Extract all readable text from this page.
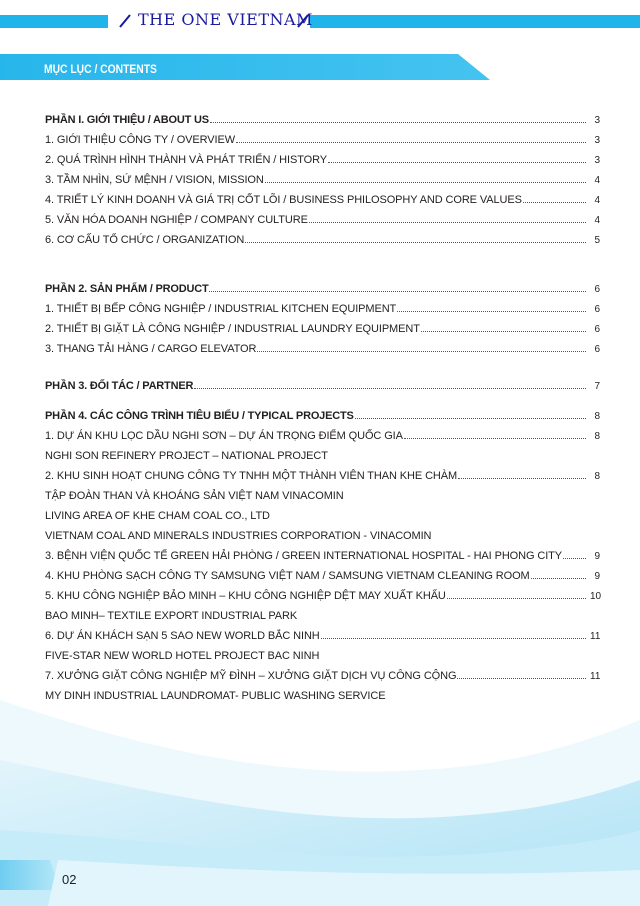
THE ONE VIETNAM
MỤC LỤC / CONTENTS
PHẦN I. GIỚI THIỆU / ABOUT US	3
1. GIỚI THIỆU CÔNG TY / OVERVIEW	3
2. QUÁ TRÌNH HÌNH THÀNH VÀ PHÁT TRIỂN / HISTORY	3
3. TẦM NHÌN, SỨ MỆNH / VISION, MISSION	4
4. TRIẾT LÝ KINH DOANH VÀ GIÁ TRỊ CỐT LÕI / BUSINESS PHILOSOPHY AND CORE VALUES	4
5. VĂN HÓA DOANH NGHIỆP / COMPANY CULTURE	4
6. CƠ CẤU TỔ CHỨC / ORGANIZATION	5
PHẦN 2. SẢN PHẨM / PRODUCT	6
1. THIẾT BỊ BẾP CÔNG NGHIỆP / INDUSTRIAL KITCHEN EQUIPMENT	6
2. THIẾT BỊ GIẶT LÀ CÔNG NGHIỆP / INDUSTRIAL LAUNDRY EQUIPMENT	6
3. THANG TẢI HÀNG / CARGO ELEVATOR	6
PHẦN 3. ĐỐI TÁC / PARTNER	7
PHẦN 4. CÁC CÔNG TRÌNH TIÊU BIỂU / TYPICAL PROJECTS	8
1. DỰ ÁN KHU LỌC DẦU NGHI SƠN – DỰ ÁN TRỌNG ĐIỂM QUỐC GIA	8
NGHI SON REFINERY PROJECT – NATIONAL PROJECT
2. KHU SINH HOẠT CHUNG CÔNG TY TNHH MỘT THÀNH VIÊN THAN KHE CHÀM	8
TẬP ĐOÀN THAN VÀ KHOÁNG SẢN VIỆT NAM VINACOMIN
LIVING AREA OF KHE CHAM COAL CO., LTD
VIETNAM COAL AND MINERALS INDUSTRIES CORPORATION - VINACOMIN
3. BỆNH VIỆN QUỐC TẾ GREEN HẢI PHÒNG / GREEN INTERNATIONAL HOSPITAL - HAI PHONG CITY	9
4. KHU PHÒNG SẠCH CÔNG TY SAMSUNG VIỆT NAM / SAMSUNG VIETNAM CLEANING ROOM	9
5. KHU CÔNG NGHIỆP BẢO MINH – KHU CÔNG NGHIỆP DỆT MAY XUẤT KHẨU	10
BAO MINH– TEXTILE EXPORT INDUSTRIAL PARK
6. DỰ ÁN KHÁCH SẠN 5 SAO NEW WORLD BẮC NINH	11
FIVE-STAR NEW WORLD HOTEL PROJECT BAC NINH
7. XƯỞNG GIẶT CÔNG NGHIỆP MỸ ĐÌNH – XƯỞNG GIẶT DỊCH VỤ CÔNG CỘNG	11
MY DINH INDUSTRIAL LAUNDROMAT- PUBLIC WASHING SERVICE
02
